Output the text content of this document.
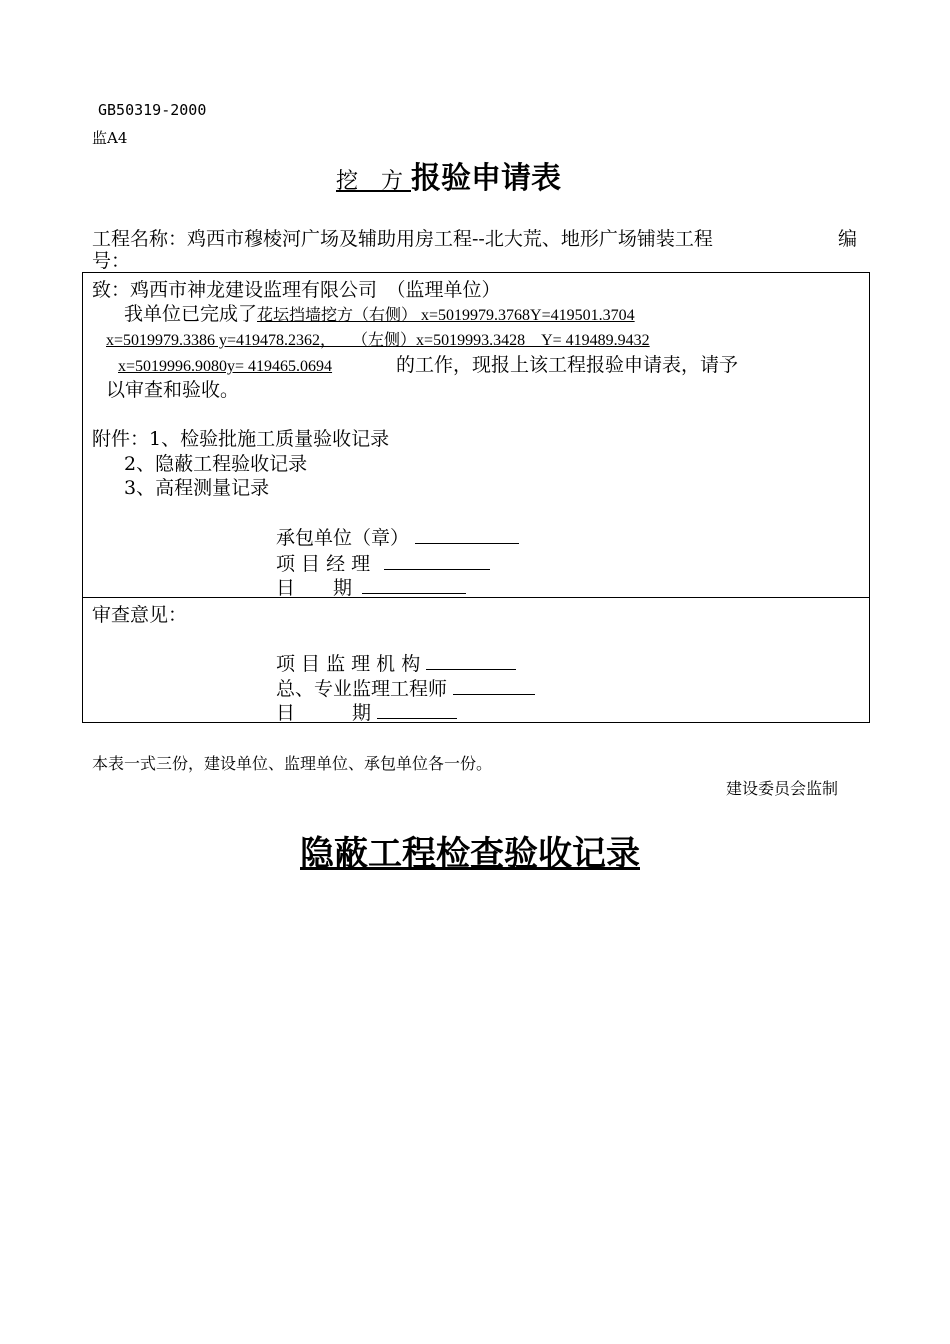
GB50319-2000
监A4
挖 方报验申请表
工程名称：鸡西市穆棱河广场及辅助用房工程--北大荒、地形广场铺装工程	编
号：
致：鸡西市神龙建设监理有限公司　（监理单位）
我单位已完成了花坛挡墙挖方（右侧） x=5019979.3768Y=419501.3704
x=5019979.3386 y=419478.2362，　　（左侧）x=5019993.3428　Y= 419489.9432
x=5019996.9080y= 419465.0694	的工作，现报上该工程报验申请表，请予
以审查和验收。
附件：1、检验批施工质量验收记录
2、隐蔽工程验收记录
3、高程测量记录
承包单位（章）
项 目 经 理
日　　期
审查意见：
项 目 监 理 机 构
总、专业监理工程师
日　　　期
本表一式三份，建设单位、监理单位、承包单位各一份。
建设委员会监制
隐蔽工程检查验收记录
